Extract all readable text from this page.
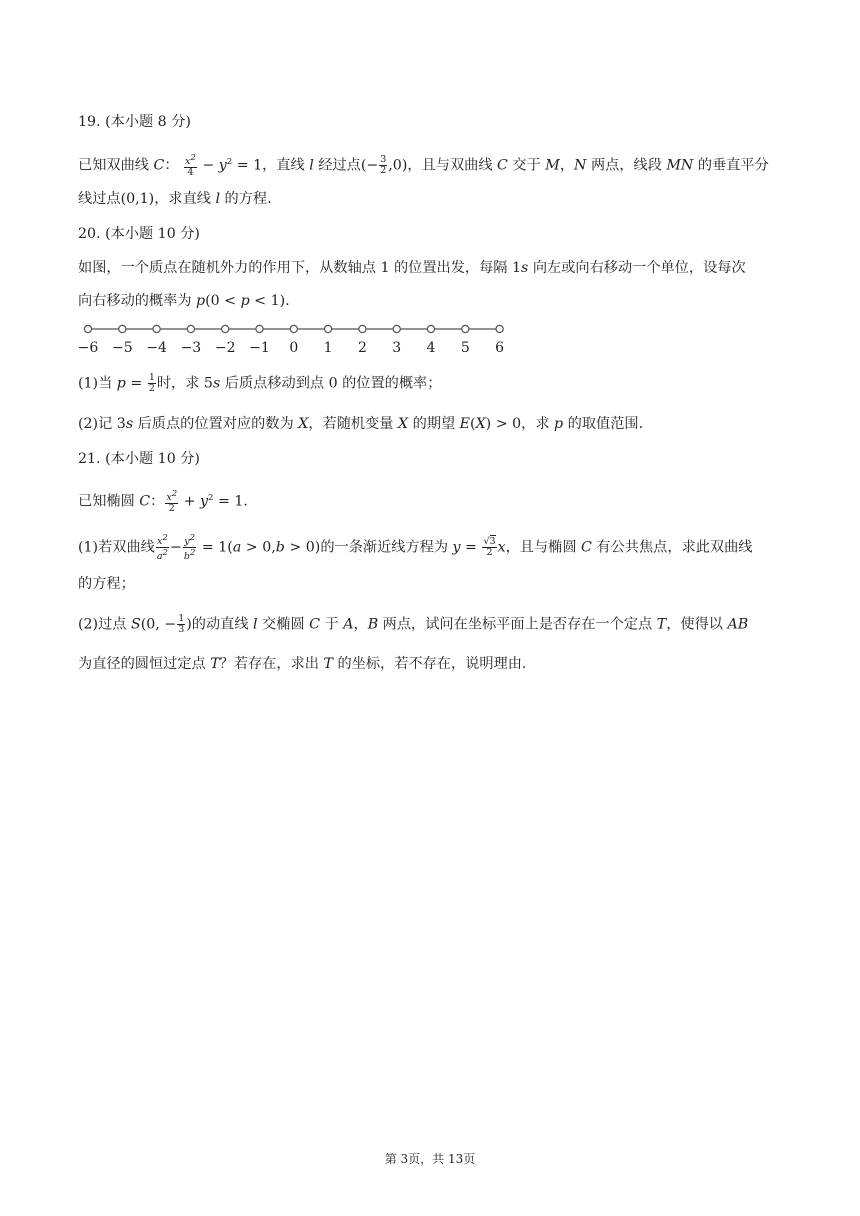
19. (本小题 8 分)
已知双曲线 C： $\frac{x^2}{4} - y^2 = 1$，直线 l 经过点(− $\frac{3}{2} ,0$)，且与双曲线 C 交于 M，N 两点，线段 MN 的垂直平分
线过点(0,1)，求直线 l 的方程.
20. (本小题 10 分)
如图，一个质点在随机外力的作用下，从数轴点 1 的位置出发，每隔 1s 向左或向右移动一个单位，设每次
向右移动的概率为 p(0 < p < 1).
−6 −5 −4 −3 −2 −1 0 1 2 3 4 5 6
(1)当 $p = \frac{1}{2}$ 时，求 5s 后质点移动到点 0 的位置的概率；
(2)记 3s 后质点的位置对应的数为 X，若随机变量 X 的期望 E(X) > 0，求 p 的取值范围.
21. (本小题 10 分)
已知椭圆 C： $\frac{x^2}{2} + y^2 = 1$.
(1)若双曲线 $\frac{x^2}{a^2} - \frac{y^2}{b^2} = 1(a > 0,b > 0)$的一条渐近线方程为 $y = \frac{√3}{2}$ x，且与椭圆 C 有公共焦点，求此双曲线
的方程；
(2)过点 S(0, − $\frac{1}{3}$ )的动直线 l 交椭圆 C 于 A，B 两点，试问在坐标平面上是否存在一个定点 T，使得以 AB
为直径的圆恒过定点 T？若存在，求出 T 的坐标，若不存在，说明理由.
第 3页，共 13页
